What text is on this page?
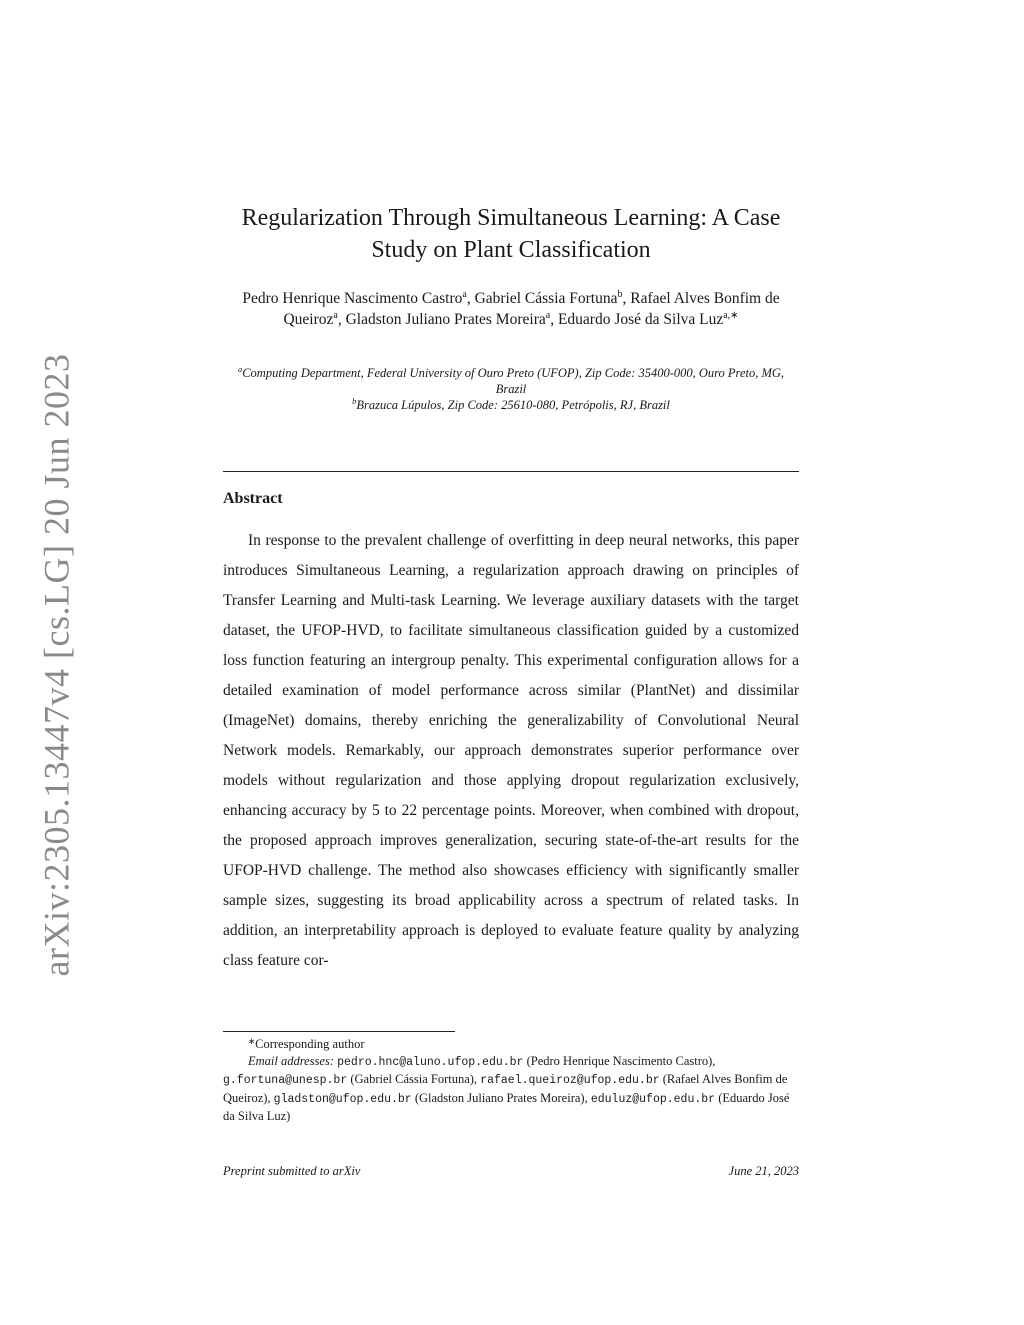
arXiv:2305.13447v4 [cs.LG] 20 Jun 2023
Regularization Through Simultaneous Learning: A Case Study on Plant Classification
Pedro Henrique Nascimento Castro$^a$, Gabriel Cássia Fortuna$^b$, Rafael Alves Bonfim de Queiroz$^a$, Gladston Juliano Prates Moreira$^a$, Eduardo José da Silva Luz$^{a,∗}$
$^a$Computing Department, Federal University of Ouro Preto (UFOP), Zip Code: 35400-000, Ouro Preto, MG, Brazil
$^b$Brazuca Lúpulos, Zip Code: 25610-080, Petrópolis, RJ, Brazil
Abstract
In response to the prevalent challenge of overfitting in deep neural networks, this paper introduces Simultaneous Learning, a regularization approach drawing on principles of Transfer Learning and Multi-task Learning. We leverage auxiliary datasets with the target dataset, the UFOP-HVD, to facilitate simultaneous classification guided by a customized loss function featuring an intergroup penalty. This experimental configuration allows for a detailed examination of model performance across similar (PlantNet) and dissimilar (ImageNet) domains, thereby enriching the generalizability of Convolutional Neural Network models. Remarkably, our approach demonstrates superior performance over models without regularization and those applying dropout regularization exclusively, enhancing accuracy by 5 to 22 percentage points. Moreover, when combined with dropout, the proposed approach improves generalization, securing state-of-the-art results for the UFOP-HVD challenge. The method also showcases efficiency with significantly smaller sample sizes, suggesting its broad applicability across a spectrum of related tasks. In addition, an interpretability approach is deployed to evaluate feature quality by analyzing class feature cor-
∗Corresponding author
Email addresses: pedro.hnc@aluno.ufop.edu.br (Pedro Henrique Nascimento Castro), g.fortuna@unesp.br (Gabriel Cássia Fortuna), rafael.queiroz@ufop.edu.br (Rafael Alves Bonfim de Queiroz), gladston@ufop.edu.br (Gladston Juliano Prates Moreira), eduluz@ufop.edu.br (Eduardo José da Silva Luz)
Preprint submitted to arXiv	June 21, 2023
